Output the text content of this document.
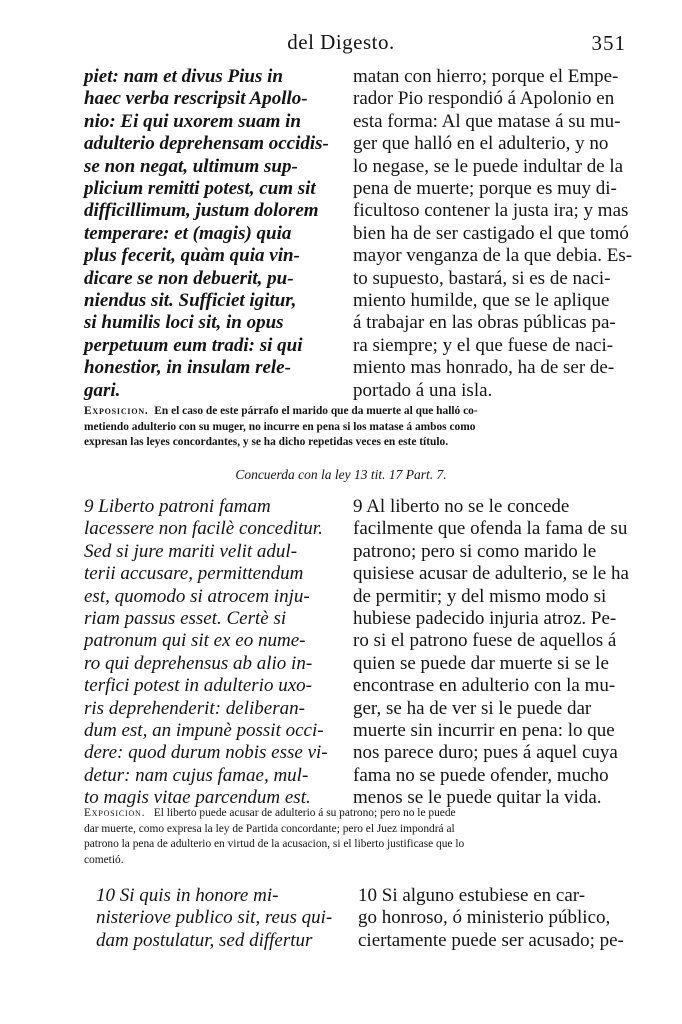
del Digesto.	351
piet: nam et divus Pius in
haec verba rescripsit Apollo-
nio: Ei qui uxorem suam in
adulterio deprehensam occidis-
se non negat, ultimum sup-
plicium remitti potest, cum sit
difficillimum, justum dolorem
temperare: et (magis) quia
plus fecerit, quàm quia vin-
dicare se non debuerit, pu-
niendus sit. Sufficiet igitur,
si humilis loci sit, in opus
perpetuum eum tradi: si qui
honestior, in insulam rele-
gari.
matan con hierro; porque el Empe-
rador Pio respondió á Apolonio en
esta forma: Al que matase á su mu-
ger que halló en el adulterio, y no
lo negase, se le puede indultar de la
pena de muerte; porque es muy di-
ficultoso contener la justa ira; y mas
bien ha de ser castigado el que tomó
mayor venganza de la que debia. Es-
to supuesto, bastará, si es de naci-
miento humilde, que se le aplique
á trabajar en las obras públicas pa-
ra siempre; y el que fuese de naci-
miento mas honrado, ha de ser de-
portado á una isla.
Exposicion. En el caso de este párrafo el marido que da muerte al que halló co-
metiendo adulterio con su muger, no incurre en pena si los matase á ambos como
expresan las leyes concordantes, y se ha dicho repetidas veces en este título.
Concuerda con la ley 13 tit. 17 Part. 7.
9 Liberto patroni famam
lacessere non facilè conceditur.
Sed si jure mariti velit adul-
terii accusare, permittendum
est, quomodo si atrocem inju-
riam passus esset. Certè si
patronum qui sit ex eo nume-
ro qui deprehensus ab alio in-
terfici potest in adulterio uxo-
ris deprehenderit: deliberan-
dum est, an impunè possit occi-
dere: quod durum nobis esse vi-
detur: nam cujus famae, mul-
to magis vitae parcendum est.
9 Al liberto no se le concede
facilmente que ofenda la fama de su
patrono; pero si como marido le
quisiese acusar de adulterio, se le ha
de permitir; y del mismo modo si
hubiese padecido injuria atroz. Pe-
ro si el patrono fuese de aquellos á
quien se puede dar muerte si se le
encontrase en adulterio con la mu-
ger, se ha de ver si le puede dar
muerte sin incurrir en pena: lo que
nos parece duro; pues á aquel cuya
fama no se puede ofender, mucho
menos se le puede quitar la vida.
Exposicion. El liberto puede acusar de adulterio á su patrono; pero no le puede
dar muerte, como expresa la ley de Partida concordante; pero el Juez impondrá al
patrono la pena de adulterio en virtud de la acusacion, si el liberto justificase que lo
cometió.
10 Si quis in honore mi-
nisteriove publico sit, reus qui-
dam postulatur, sed differtur
10 Si alguno estubiese en car-
go honroso, ó ministerio público,
ciertamente puede ser acusado; pe-
